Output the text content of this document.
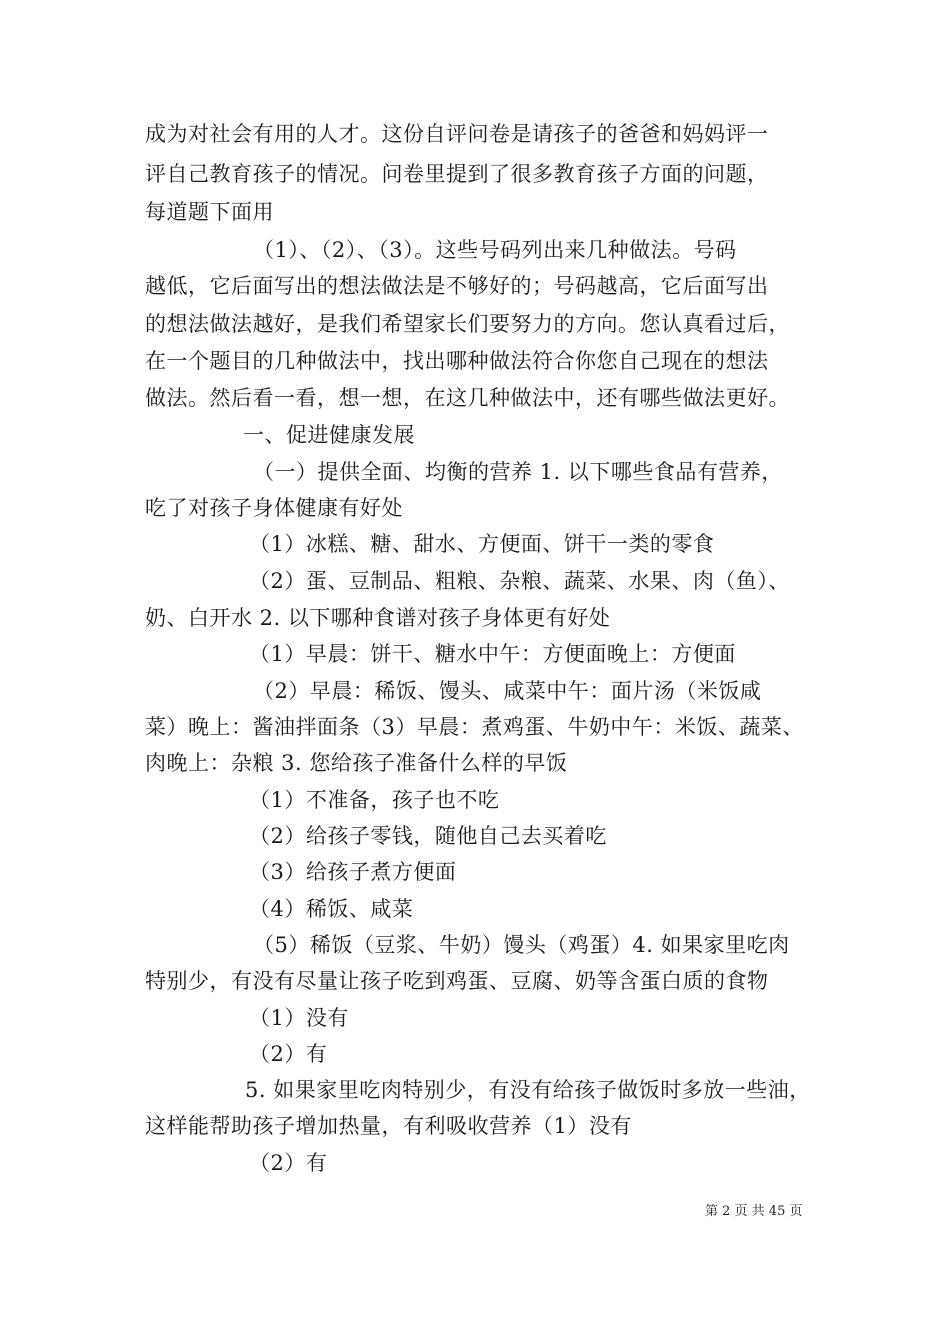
成为对社会有用的人才。这份自评问卷是请孩子的爸爸和妈妈评一
评自己教育孩子的情况。问卷里提到了很多教育孩子方面的问题，
每道题下面用
（1）、（2）、（3）。这些号码列出来几种做法。号码
越低，它后面写出的想法做法是不够好的；号码越高，它后面写出
的想法做法越好，是我们希望家长们要努力的方向。您认真看过后，
在一个题目的几种做法中，找出哪种做法符合你您自己现在的想法
做法。然后看一看，想一想，在这几种做法中，还有哪些做法更好。
一、促进健康发展
（一）提供全面、均衡的营养 1. 以下哪些食品有营养，
吃了对孩子身体健康有好处
（1）冰糕、糖、甜水、方便面、饼干一类的零食
（2）蛋、豆制品、粗粮、杂粮、蔬菜、水果、肉（鱼）、
奶、白开水 2. 以下哪种食谱对孩子身体更有好处
（1）早晨：饼干、糖水中午：方便面晚上：方便面
（2）早晨：稀饭、馒头、咸菜中午：面片汤（米饭咸
菜）晚上：酱油拌面条（3）早晨：煮鸡蛋、牛奶中午：米饭、蔬菜、
肉晚上：杂粮 3. 您给孩子准备什么样的早饭
（1）不准备，孩子也不吃
（2）给孩子零钱，随他自己去买着吃
（3）给孩子煮方便面
（4）稀饭、咸菜
（5）稀饭（豆浆、牛奶）馒头（鸡蛋）4. 如果家里吃肉
特别少，有没有尽量让孩子吃到鸡蛋、豆腐、奶等含蛋白质的食物
（1）没有
（2）有
5. 如果家里吃肉特别少，有没有给孩子做饭时多放一些油，
这样能帮助孩子增加热量，有利吸收营养（1）没有
（2）有
第 2 页 共 45 页
